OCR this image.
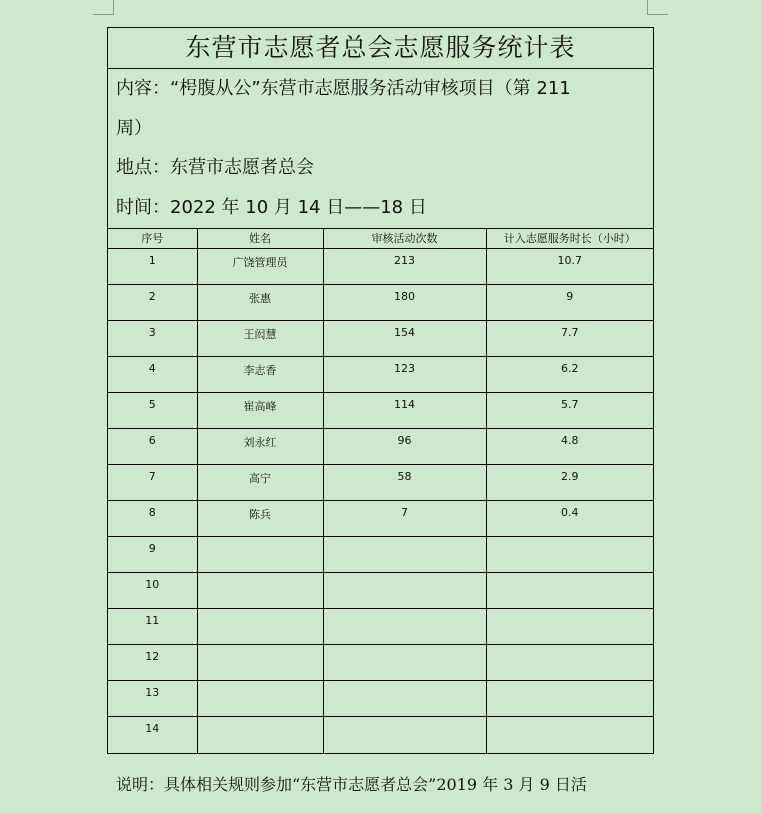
东营市志愿者总会志愿服务统计表
内容：“枵腹从公”东营市志愿服务活动审核项目（第 211
周）
地点：东营市志愿者总会
时间：2022 年 10 月 14 日——18 日
序号	姓名	审核活动次数	计入志愿服务时长（小时）
1	广饶管理员	213	10.7
2	张惠	180	9
3	王闳慧	154	7.7
4	李志香	123	6.2
5	崔高峰	114	5.7
6	刘永红	96	4.8
7	高宁	58	2.9
8	陈兵	7	0.4
9			
10			
11			
12			
13			
14			
说明：具体相关规则参加“东营市志愿者总会”2019 年 3 月 9 日活
